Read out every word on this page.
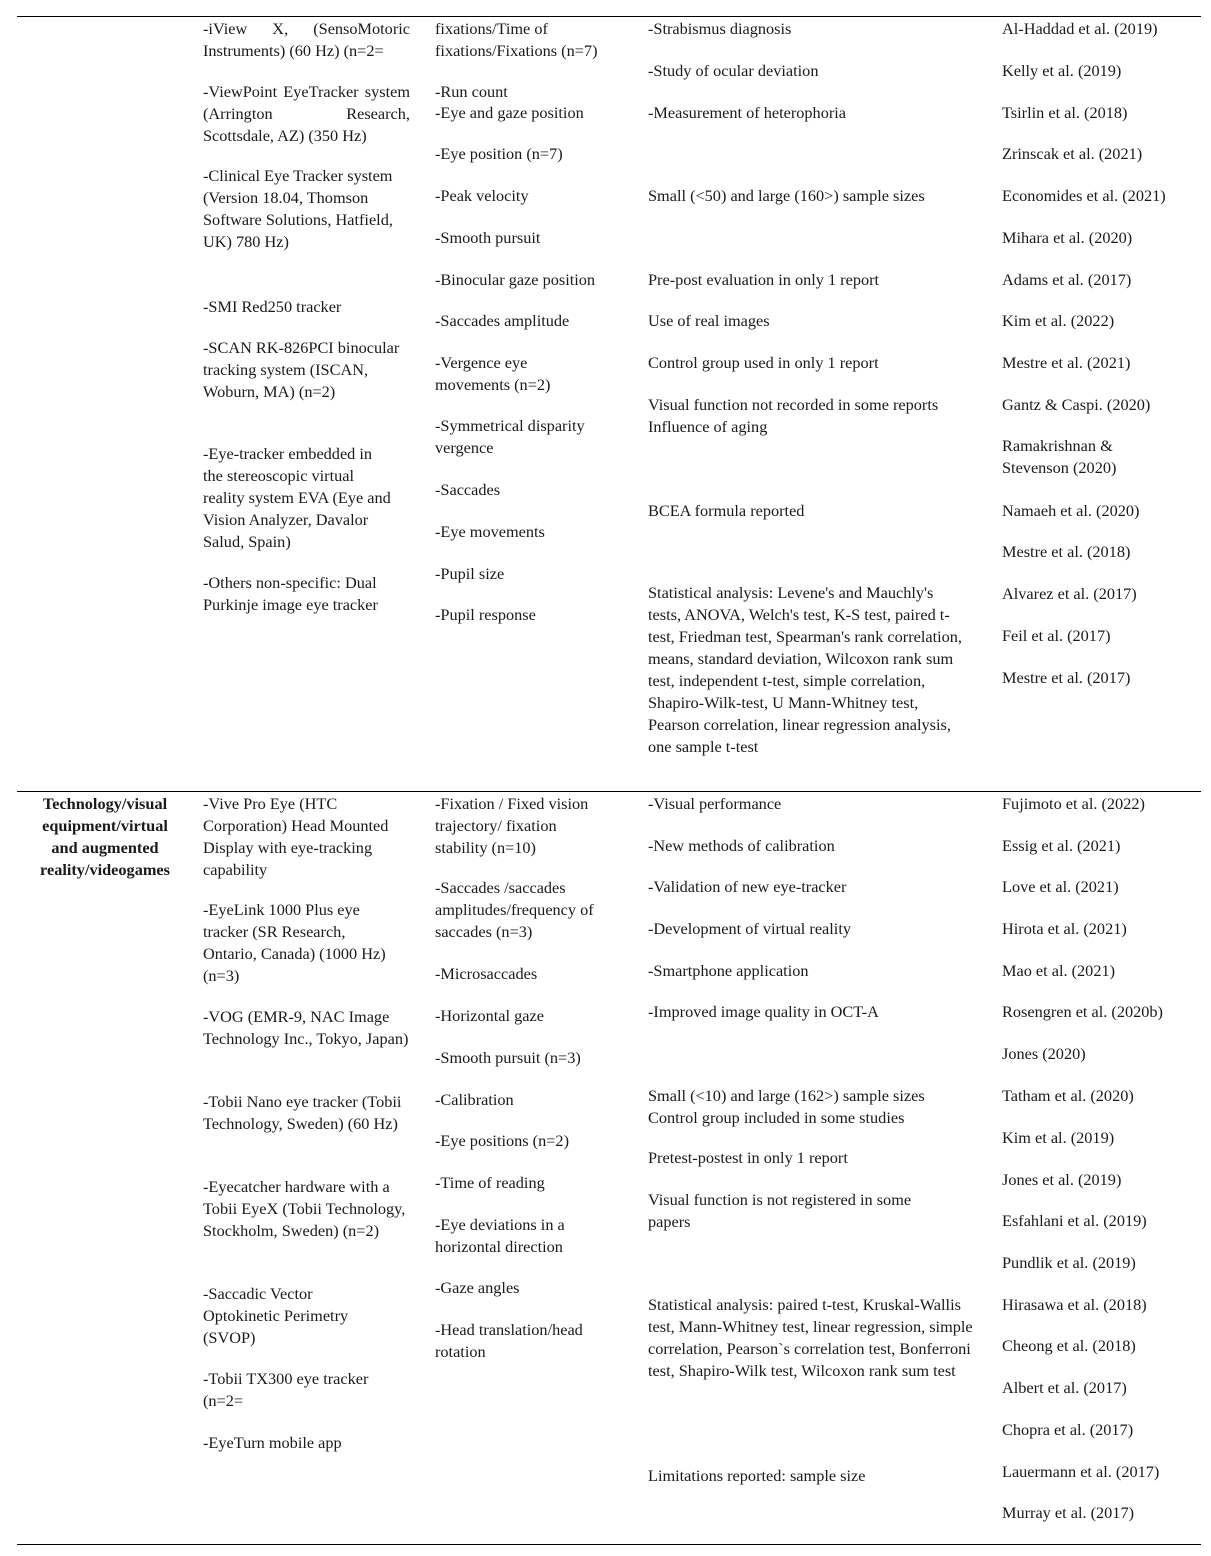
-iView X, (SensoMotoric Instruments) (60 Hz) (n=2=
-ViewPoint EyeTracker system (Arrington Research, Scottsdale, AZ) (350 Hz)
-Clinical Eye Tracker system (Version 18.04, Thomson Software Solutions, Hatfield, UK) 780 Hz)
-SMI Red250 tracker
-SCAN RK-826PCI binocular tracking system (ISCAN, Woburn, MA) (n=2)
-Eye-tracker embedded in the stereoscopic virtual reality system EVA (Eye and Vision Analyzer, Davalor Salud, Spain)
-Others non-specific: Dual Purkinje image eye tracker
fixations/Time of fixations/Fixations (n=7)
-Run count
-Eye and gaze position
-Eye position (n=7)
-Peak velocity
-Smooth pursuit
-Binocular gaze position
-Saccades amplitude
-Vergence eye movements (n=2)
-Symmetrical disparity vergence
-Saccades
-Eye movements
-Pupil size
-Pupil response
-Strabismus diagnosis
-Study of ocular deviation
-Measurement of heterophoria
Small (<50) and large (160>) sample sizes
Pre-post evaluation in only 1 report
Use of real images
Control group used in only 1 report
Visual function not recorded in some reports Influence of aging
BCEA formula reported
Statistical analysis: Levene's and Mauchly's tests, ANOVA, Welch's test, K-S test, paired t-test, Friedman test, Spearman's rank correlation, means, standard deviation, Wilcoxon rank sum test, independent t-test, simple correlation, Shapiro-Wilk-test, U Mann-Whitney test, Pearson correlation, linear regression analysis, one sample t-test
Al-Haddad et al. (2019)
Kelly et al. (2019)
Tsirlin et al. (2018)
Zrinscak et al. (2021)
Economides et al. (2021)
Mihara et al. (2020)
Adams et al. (2017)
Kim et al. (2022)
Mestre et al. (2021)
Gantz & Caspi. (2020)
Ramakrishnan & Stevenson (2020)
Namaeh et al. (2020)
Mestre et al. (2018)
Alvarez et al. (2017)
Feil et al. (2017)
Mestre et al. (2017)
Technology/visual equipment/virtual and augmented reality/videogames
-Vive Pro Eye (HTC Corporation) Head Mounted Display with eye-tracking capability
-EyeLink 1000 Plus eye tracker (SR Research, Ontario, Canada) (1000 Hz) (n=3)
-VOG (EMR-9, NAC Image Technology Inc., Tokyo, Japan)
-Tobii Nano eye tracker (Tobii Technology, Sweden) (60 Hz)
-Eyecatcher hardware with a Tobii EyeX (Tobii Technology, Stockholm, Sweden) (n=2)
-Saccadic Vector Optokinetic Perimetry (SVOP)
-Tobii TX300 eye tracker (n=2=
-EyeTurn mobile app
-Fixation / Fixed vision trajectory/ fixation stability (n=10)
-Saccades /saccades amplitudes/frequency of saccades (n=3)
-Microsaccades
-Horizontal gaze
-Smooth pursuit (n=3)
-Calibration
-Eye positions (n=2)
-Time of reading
-Eye deviations in a horizontal direction
-Gaze angles
-Head translation/head rotation
-Visual performance
-New methods of calibration
-Validation of new eye-tracker
-Development of virtual reality
-Smartphone application
-Improved image quality in OCT-A
Small (<10) and large (162>) sample sizes Control group included in some studies
Pretest-postest in only 1 report
Visual function is not registered in some papers
Statistical analysis: paired t-test, Kruskal-Wallis test, Mann-Whitney test, linear regression, simple correlation, Pearson`s correlation test, Bonferroni test, Shapiro-Wilk test, Wilcoxon rank sum test
Limitations reported: sample size
Fujimoto et al. (2022)
Essig et al. (2021)
Love et al. (2021)
Hirota et al. (2021)
Mao et al. (2021)
Rosengren et al. (2020b)
Jones (2020)
Tatham et al. (2020)
Kim et al. (2019)
Jones et al. (2019)
Esfahlani et al. (2019)
Pundlik et al. (2019)
Hirasawa et al. (2018)
Cheong et al. (2018)
Albert et al. (2017)
Chopra et al. (2017)
Lauermann et al. (2017)
Murray et al. (2017)
